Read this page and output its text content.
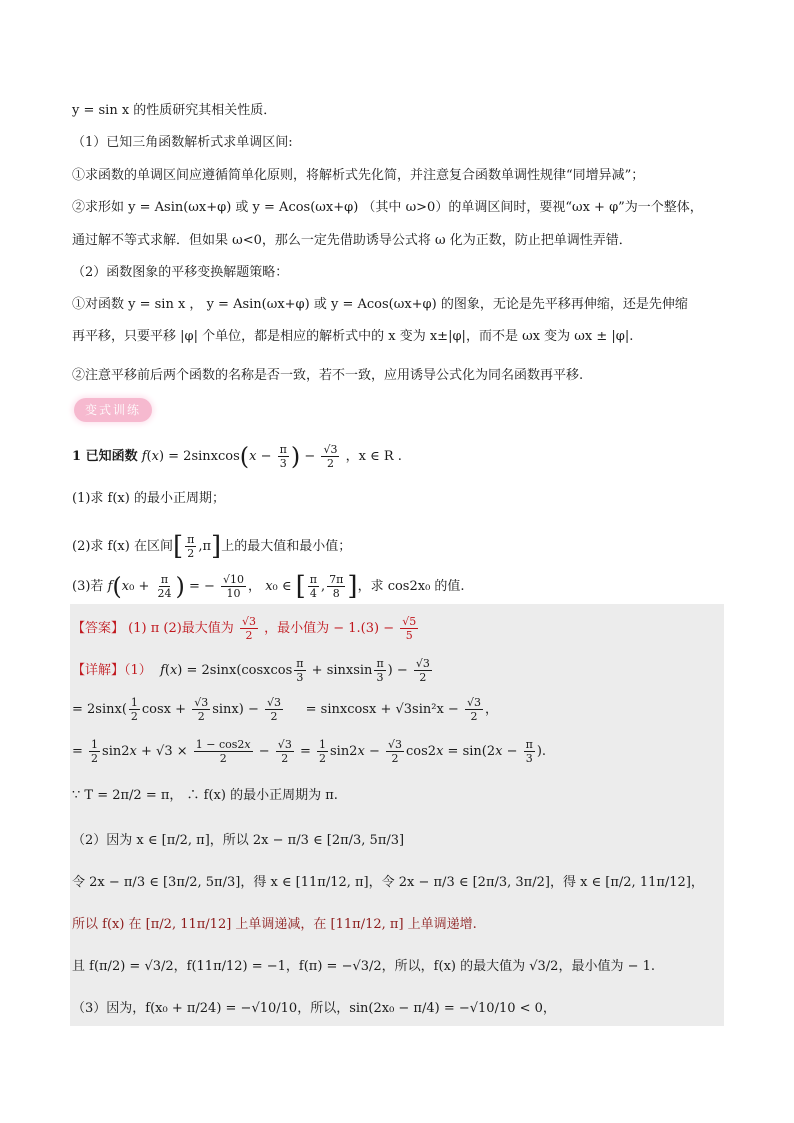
y = sin x 的性质研究其相关性质．
（1）已知三角函数解析式求单调区间:
①求函数的单调区间应遵循简单化原则，将解析式先化简，并注意复合函数单调性规律“同增异减”；
②求形如 y = Asin(ωx+φ) 或 y = Acos(ωx+φ) （其中 ω>0）的单调区间时，要视“ωx + φ”为一个整体，
通过解不等式求解．但如果 ω<0，那么一定先借助诱导公式将 ω 化为正数，防止把单调性弄错．
（2）函数图象的平移变换解题策略：
①对函数 y = sin x ， y = Asin(ωx+φ) 或 y = Acos(ωx+φ) 的图象，无论是先平移再伸缩，还是先伸缩
再平移，只要平移 |φ| 个单位，都是相应的解析式中的 x 变为 x±|φ|，而不是 ωx 变为 ωx ± |φ|.
②注意平移前后两个函数的名称是否一致，若不一致，应用诱导公式化为同名函数再平移.
变式训练
1 已知函数 f(x) = 2sinxcos(x − $\frac{\pi}{3}$ ) − √ $\frac{3}{2}$ ，x ∈ R .
(1)求 f(x) 的最小正周期；
(2)求 f(x) 在区间[ $\frac{\pi}{2} ,\pi$]上的最大值和最小值；
(3)若 $f(x_0 + \frac{\pi}{24}$ ) = − √ $\frac{10}{10}$ ， x₀ ∈ [ $\frac{\pi}{4}$ , $\frac{7\pi}{8}$ ]，求 cos2x₀ 的值.
【答案】 (1) π (2)最大值为 √ $\frac{3}{2}$ ，最小值为 − 1.(3) − √ $\frac{5}{5}$
【详解】（1） f(x) = 2sinx(cosxcos $\frac{\pi}{3}$ + sinxsin $\frac{\pi}{3}$ ) − √ $\frac{3}{2}$
= $2\sin x( \frac{1}{2}$ cosx + √ $\frac{3}{2} \sin x$) − √ $\frac{3}{2}$ = sinxcosx + √ 3sin²x − √ $\frac{3}{2}$ ，
= $\frac{1}{2} \sin 2x$ + √ $3 \times \frac{1 - \cos 2x}{2}$ − √ $\frac{3}{2} = \frac{1}{2} \sin 2x$ − √ $\frac{3}{2} \cos 2x = \sin(2x - \frac{\pi}{3}$ ).
∵ T = 2π/2 = π， ∴ f(x) 的最小正周期为 π.
（2）因为 x ∈ [π/2, π]，所以 2x − π/3 ∈ [2π/3, 5π/3]
令 2x − π/3 ∈ [3π/2, 5π/3]，得 x ∈ [11π/12, π]，令 2x − π/3 ∈ [2π/3, 3π/2]，得 x ∈ [π/2, 11π/12]，
所以 f(x) 在 [π/2, 11π/12] 上单调递减，在 [11π/12, π] 上单调递增.
且 f(π/2) = √3/2，f(11π/12) = −1，f(π) = −√3/2，所以，f(x) 的最大值为 √3/2，最小值为 − 1.
（3）因为，f(x₀ + π/24) = −√10/10，所以，sin(2x₀ − π/4) = −√10/10 < 0，
